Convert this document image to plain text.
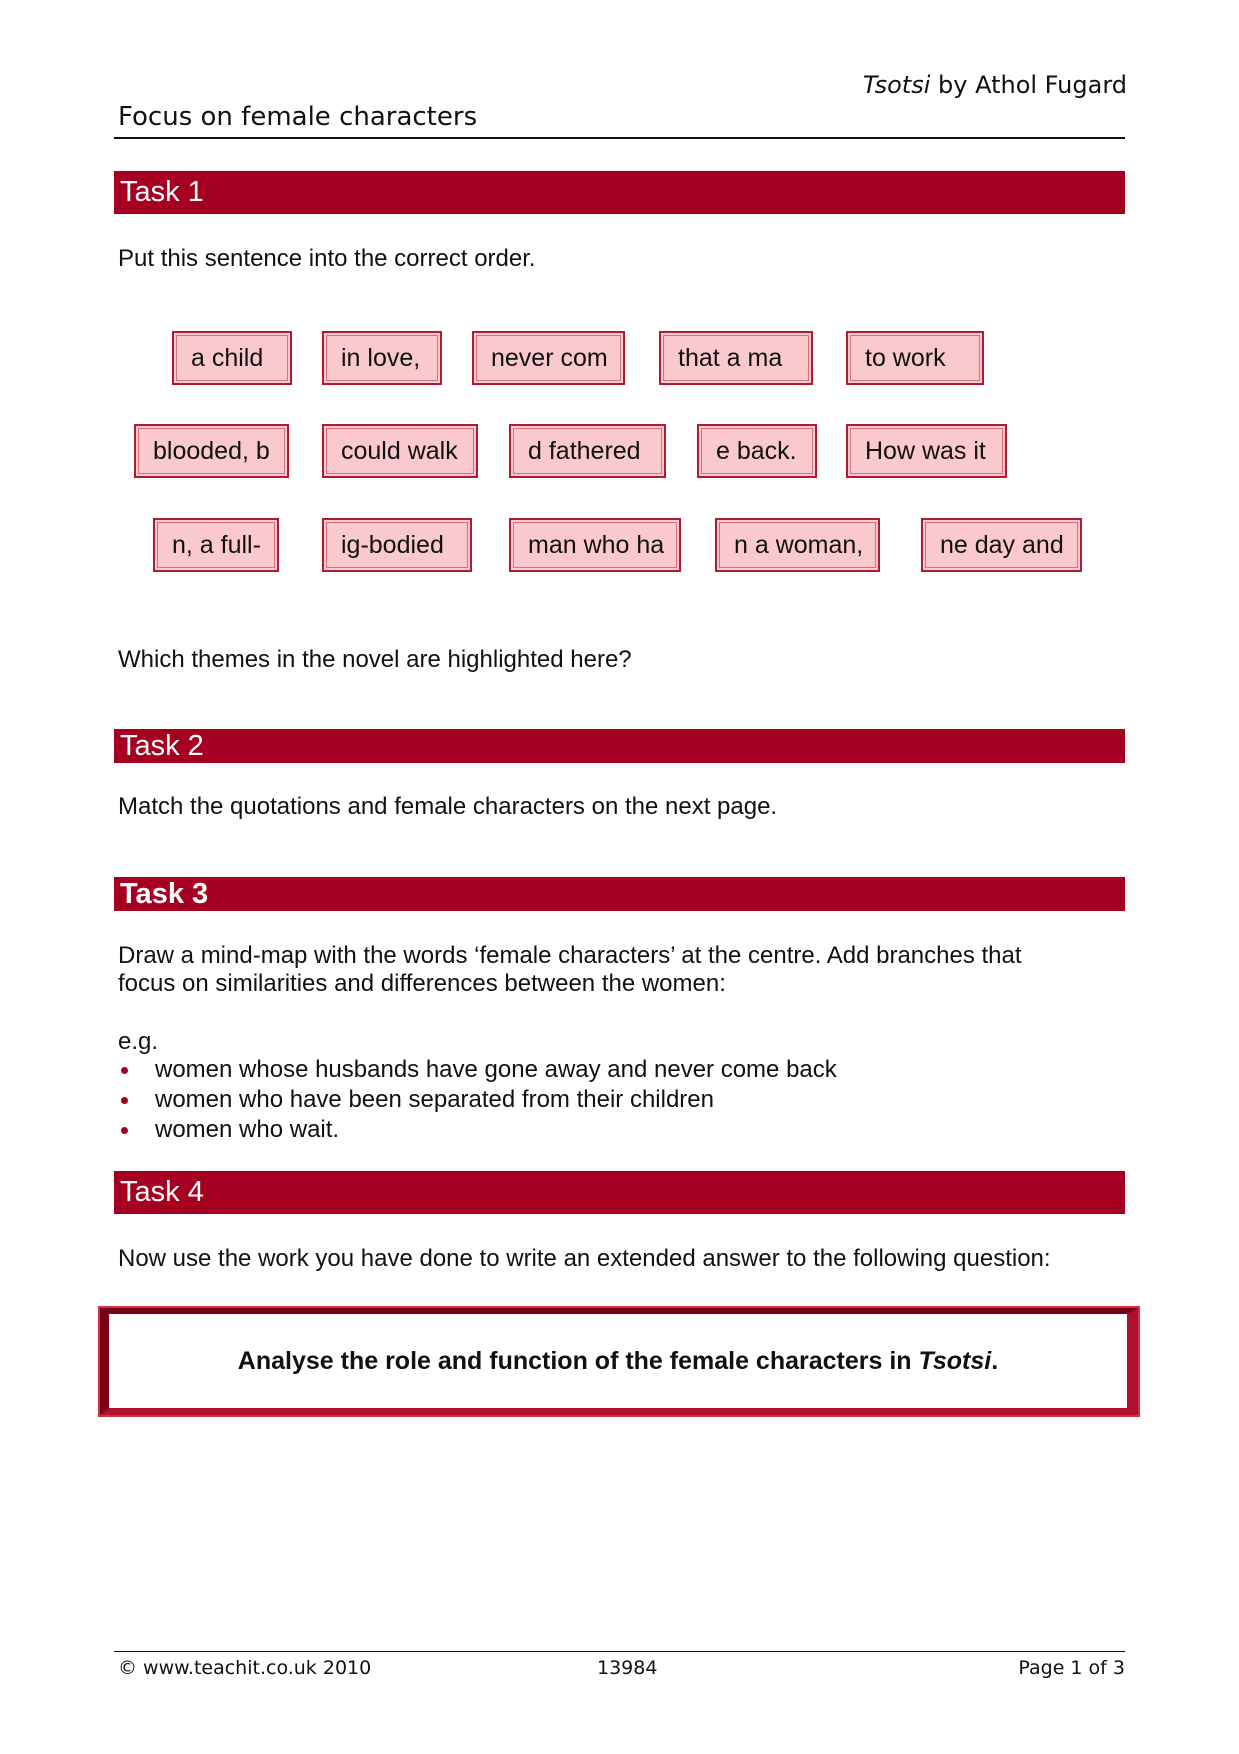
Tsotsi by Athol Fugard
Focus on female characters
Task 1
Put this sentence into the correct order.
a child	in love,	never com	that a ma	to work
blooded, b	could walk	d fathered	e back.	How was it
n, a full-	ig-bodied	man who ha	n a woman,	ne day and
Which themes in the novel are highlighted here?
Task 2
Match the quotations and female characters on the next page.
Task 3
Draw a mind-map with the words ‘female characters’ at the centre. Add branches that
focus on similarities and differences between the women:
e.g.
women whose husbands have gone away and never come back
women who have been separated from their children
women who wait.
Task 4
Now use the work you have done to write an extended answer to the following question:
Analyse the role and function of the female characters in Tsotsi.
© www.teachit.co.uk 2010	13984	Page 1 of 3
